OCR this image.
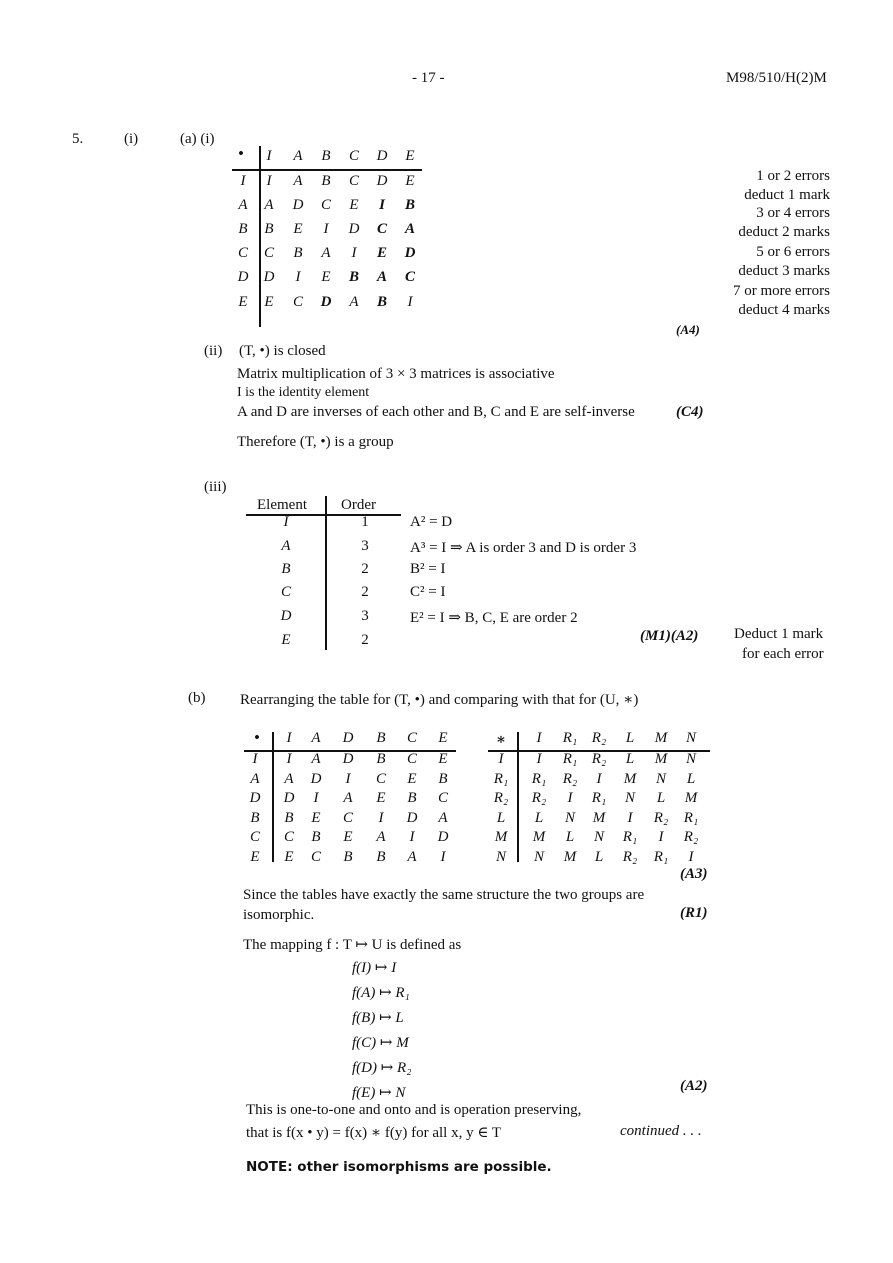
- 17 -	M98/510/H(2)M
5.	(i)	(a) (i)
•	I	A	B	C	D	E
I	I	A	B	C	D	E
A	A	D	C	E	I	B
B	B	E	I	D	C	A
C	C	B	A	I	E	D
D	D	I	E	B	A	C
E	E	C	D	A	B	I
1 or 2 errors
deduct 1 mark
3 or 4 errors
deduct 2 marks
5 or 6 errors
deduct 3 marks
7 or more errors
deduct 4 marks
(A4)
(ii) (T, •) is closed
Matrix multiplication of 3 × 3 matrices is associative
I is the identity element
A and D are inverses of each other and B, C and E are self-inverse	(C4)
Therefore (T, •) is a group
(iii)
Element Order
I	1
A	3
B	2
C	2
D	3
E	2
A² = D
A³ = I ⇒ A is order 3 and D is order 3
B² = I
C² = I
E² = I ⇒ B, C, E are order 2
(M1)(A2) Deduct 1 mark
for each error
(b) Rearranging the table for (T, •) and comparing with that for (U, ∗)
•	I	A	D	B	C	E
I	I	A	D	B	C	E
A	A	D	I	C	E	B
D	D	I	A	E	B	C
B	B	E	C	I	D	A
C	C	B	E	A	I	D
E	E	C	B	B	A	I
∗	I	R₁ R₂	L	M	N
I	I	R₁ R₂	L	M	N
R₁	R₁	R₂	I	M	N	L
R₂	R₂	I	R₁	N	L	M
L	L	N	M	I	R₂	R₁
M	M	L	N	R₁	I	R₂
N	N	M	L	R₂	R₁	I
(A3)
Since the tables have exactly the same structure the two groups are
isomorphic.	(R1)
The mapping f : T ↦ U is defined as
f(I) ↦ I
f(A) ↦ R₁
f(B) ↦ L
f(C) ↦ M
f(D) ↦ R₂
f(E) ↦ N	(A2)
This is one-to-one and onto and is operation preserving,
that is f(x • y) = f(x) ∗ f(y) for all x, y ∈ T	continued . . .
NOTE: other isomorphisms are possible.
